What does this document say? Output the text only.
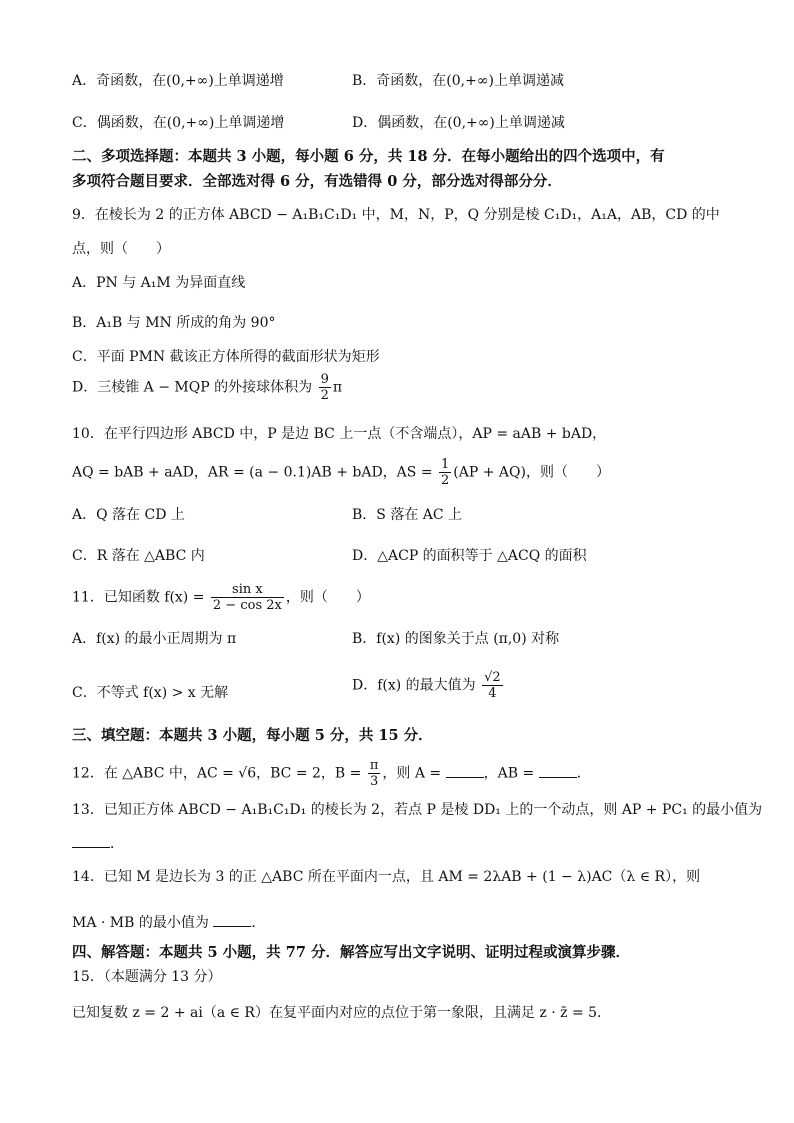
A．奇函数，在(0,+∞)上单调递增	B．奇函数，在(0,+∞)上单调递减
C．偶函数，在(0,+∞)上单调递增	D．偶函数，在(0,+∞)上单调递减
二、多项选择题：本题共 3 小题，每小题 6 分，共 18 分．在每小题给出的四个选项中，有
多项符合题目要求．全部选对得 6 分，有选错得 0 分，部分选对得部分分．
9．在棱长为 2 的正方体 ABCD − A₁B₁C₁D₁ 中，M，N，P，Q 分别是棱 C₁D₁，A₁A，AB，CD 的中
点，则（　　）
A．PN 与 A₁M 为异面直线
B．A₁B 与 MN 所成的角为 90°
C．平面 PMN 截该正方体所得的截面形状为矩形
D．三棱锥 A − MQP 的外接球体积为 $\frac{9}{2}$ π
10．在平行四边形 ABCD 中，P 是边 BC 上一点（不含端点），AP = aAB + bAD，
AQ = bAB + aAD，AR = (a − 0.1)AB + bAD，AS = $\frac{1}{2} (AP + AQ)$，则（　　）
A．Q 落在 CD 上	B．S 落在 AC 上
C．R 落在 △ABC 内	D．△ACP 的面积等于 △ACQ 的面积
11．已知函数 $f(x) = \frac{\text{sin x}}{2 - \cos 2x}$ ，则（　　）
A．f(x) 的最小正周期为 π	B．f(x) 的图象关于点 (π,0) 对称
C．不等式 f(x) > x 无解	D．f(x) 的最大值为 $\frac{√2}{4}$
三、填空题：本题共 3 小题，每小题 5 分，共 15 分．
12．在 △ABC 中，AC = √6，BC = 2，$B = \frac{\pi}{3}$ ，则 A =	，AB =	．
13．已知正方体 ABCD − A₁B₁C₁D₁ 的棱长为 2，若点 P 是棱 DD₁ 上的一个动点，则 AP + PC₁ 的最小值为
．
14．已知 M 是边长为 3 的正 △ABC 所在平面内一点，且 AM = 2λAB + (1 − λ)AC（λ ∈ R），则
MA · MB 的最小值为	．
四、解答题：本题共 5 小题，共 77 分．解答应写出文字说明、证明过程或演算步骤．
15．（本题满分 13 分）
已知复数 z = 2 + ai（a ∈ R）在复平面内对应的点位于第一象限，且满足 z · z̄ = 5．
